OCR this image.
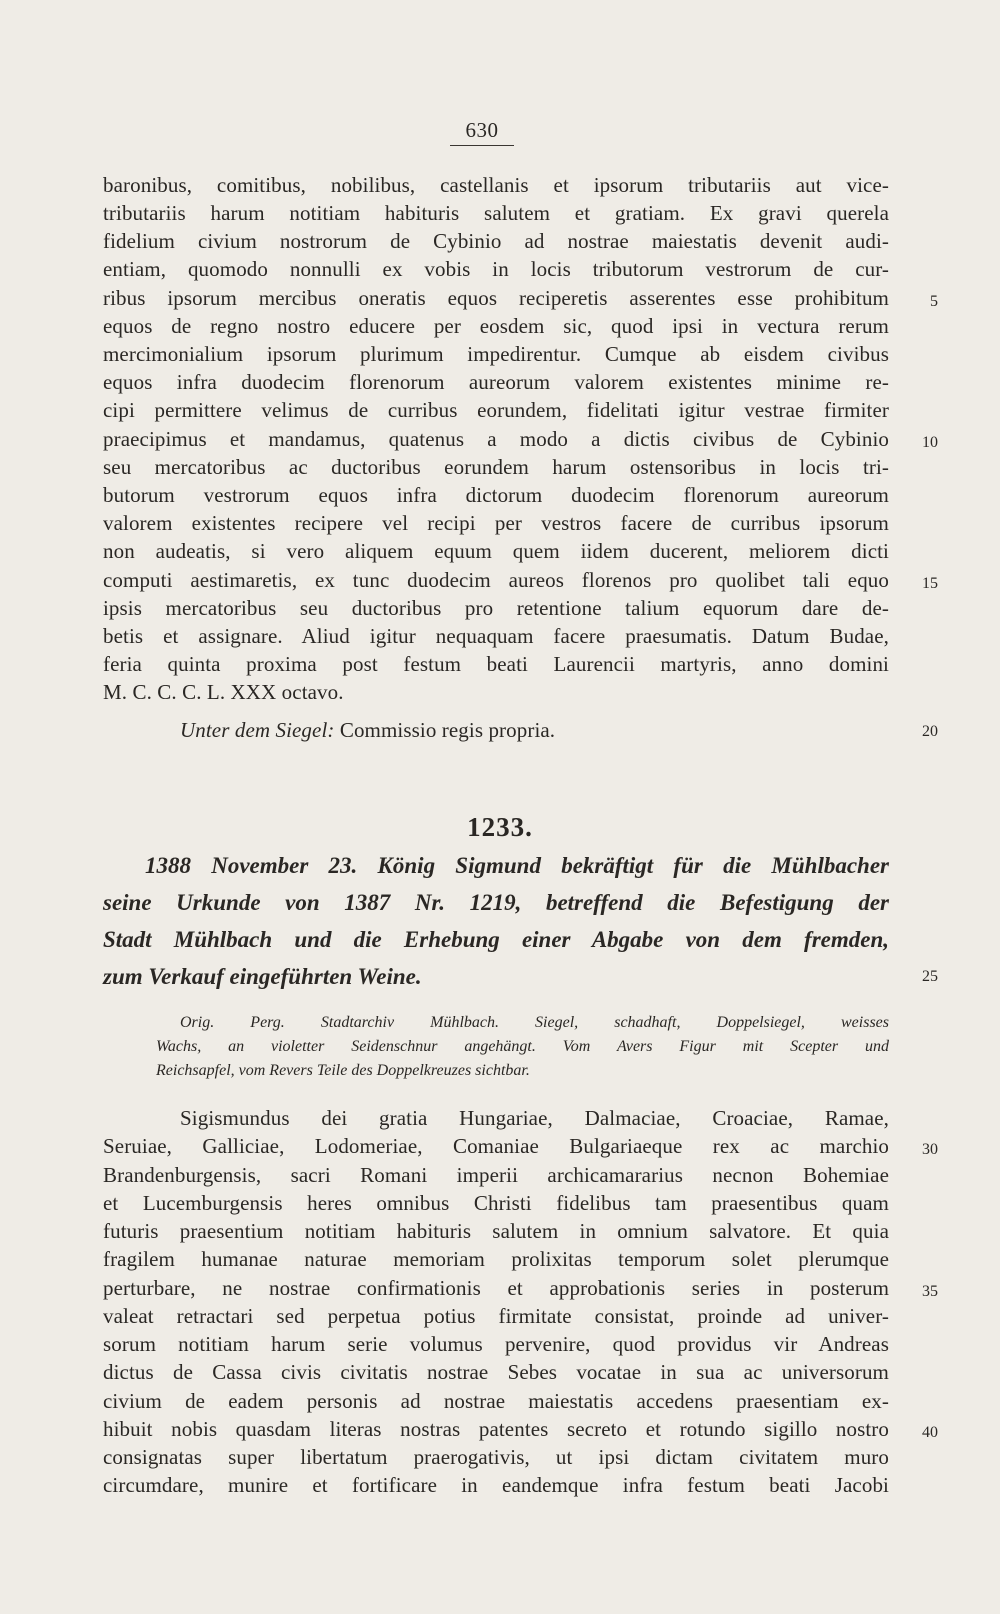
630
baronibus, comitibus, nobilibus, castellanis et ipsorum tributariis aut vice-
tributariis harum notitiam habituris salutem et gratiam. Ex gravi querela
fidelium civium nostrorum de Cybinio ad nostrae maiestatis devenit audi-
entiam, quomodo nonnulli ex vobis in locis tributorum vestrorum de cur-
ribus ipsorum mercibus oneratis equos reciperetis asserentes esse prohibitum
equos de regno nostro educere per eosdem sic, quod ipsi in vectura rerum
mercimonialium ipsorum plurimum impedirentur. Cumque ab eisdem civibus
equos infra duodecim florenorum aureorum valorem existentes minime re-
cipi permittere velimus de curribus eorundem, fidelitati igitur vestrae firmiter
praecipimus et mandamus, quatenus a modo a dictis civibus de Cybinio
seu mercatoribus ac ductoribus eorundem harum ostensoribus in locis tri-
butorum vestrorum equos infra dictorum duodecim florenorum aureorum
valorem existentes recipere vel recipi per vestros facere de curribus ipsorum
non audeatis, si vero aliquem equum quem iidem ducerent, meliorem dicti
computi aestimaretis, ex tunc duodecim aureos florenos pro quolibet tali equo
ipsis mercatoribus seu ductoribus pro retentione talium equorum dare de-
betis et assignare. Aliud igitur nequaquam facere praesumatis. Datum Budae,
feria quinta proxima post festum beati Laurencii martyris, anno domini
M. C. C. C. L. XXX octavo.
Unter dem Siegel: Commissio regis propria.
1233.
1388 November 23. König Sigmund bekräftigt für die Mühlbacher
seine Urkunde von 1387 Nr. 1219, betreffend die Befestigung der
Stadt Mühlbach und die Erhebung einer Abgabe von dem fremden,
zum Verkauf eingeführten Weine.
Orig. Perg. Stadtarchiv Mühlbach. Siegel, schadhaft, Doppelsiegel, weisses
Wachs, an violetter Seidenschnur angehängt. Vom Avers Figur mit Scepter und
Reichsapfel, vom Revers Teile des Doppelkreuzes sichtbar.
Sigismundus dei gratia Hungariae, Dalmaciae, Croaciae, Ramae,
Seruiae, Galliciae, Lodomeriae, Comaniae Bulgariaeque rex ac marchio
Brandenburgensis, sacri Romani imperii archicamararius necnon Bohemiae
et Lucemburgensis heres omnibus Christi fidelibus tam praesentibus quam
futuris praesentium notitiam habituris salutem in omnium salvatore. Et quia
fragilem humanae naturae memoriam prolixitas temporum solet plerumque
perturbare, ne nostrae confirmationis et approbationis series in posterum
valeat retractari sed perpetua potius firmitate consistat, proinde ad univer-
sorum notitiam harum serie volumus pervenire, quod providus vir Andreas
dictus de Cassa civis civitatis nostrae Sebes vocatae in sua ac universorum
civium de eadem personis ad nostrae maiestatis accedens praesentiam ex-
hibuit nobis quasdam literas nostras patentes secreto et rotundo sigillo nostro
consignatas super libertatum praerogativis, ut ipsi dictam civitatem muro
circumdare, munire et fortificare in eandemque infra festum beati Jacobi
5
10
15
20
25
30
35
40
